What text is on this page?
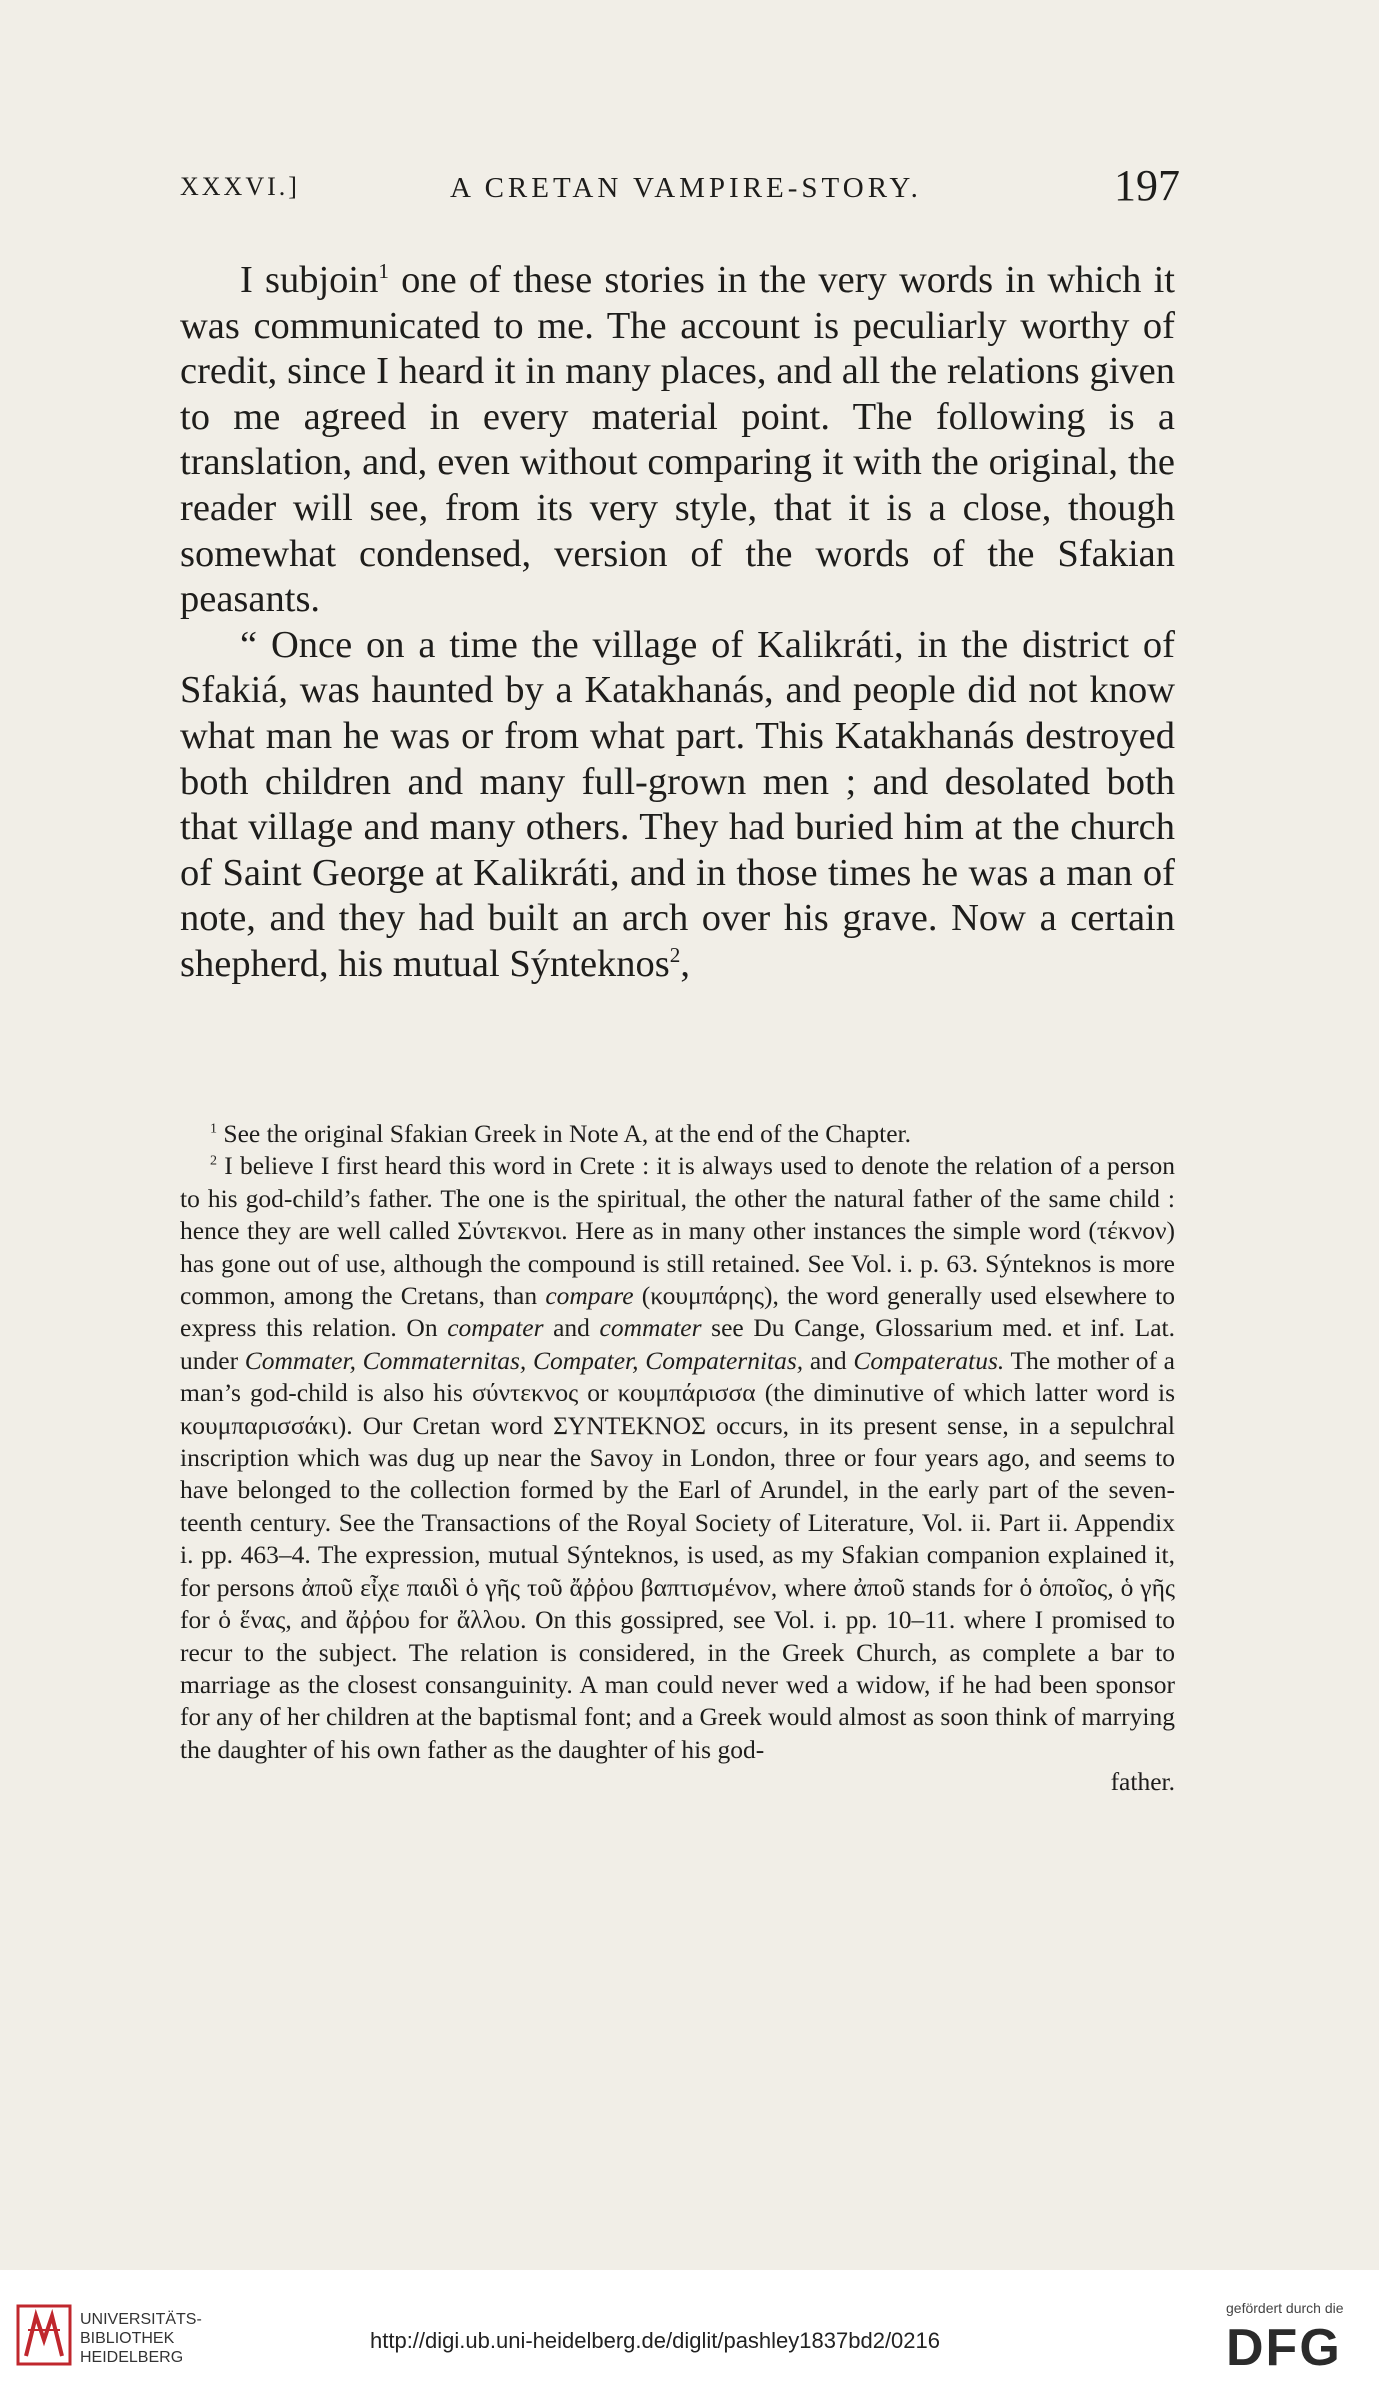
XXXVI.]	A CRETAN VAMPIRE-STORY.	197

I subjoin$^1$ one of these stories in the very words in which it was communicated to me. The account is peculiarly worthy of credit, since I heard it in many places, and all the relations given to me agreed in every material point. The following is a translation, and, even without comparing it with the original, the reader will see, from its very style, that it is a close, though somewhat condensed, version of the words of the Sfakian peasants.

“ Once on a time the village of Kalikráti, in the district of Sfakiá, was haunted by a Katakhanás, and people did not know what man he was or from what part. This Katakhanás destroyed both children and many full-grown men ; and desolated both that village and many others. They had buried him at the church of Saint George at Kalikráti, and in those times he was a man of note, and they had built an arch over his grave. Now a certain shepherd, his mutual Sýnteknos$^2$,

$^1$ See the original Sfakian Greek in Note A, at the end of the Chapter.

$^2$ I believe I first heard this word in Crete : it is always used to denote the relation of a person to his god-child’s father. The one is the spiritual, the other the natural father of the same child : hence they are well called Σύντεκνοι. Here as in many other instances the simple word (τέκνον) has gone out of use, although the compound is still retained. See Vol. i. p. 63. Sýnteknos is more common, among the Cretans, than compare (κουμπάρης), the word generally used elsewhere to express this relation. On compater and commater see Du Cange, Glossarium med. et inf. Lat. under Commater, Commaternitas, Compater, Compaternitas, and Compateratus. The mother of a man’s god-child is also his σύντεκνος or κουμπάρισσα (the diminutive of which latter word is κουμπαρισσάκι). Our Cretan word ΣΥΝΤΕΚΝΟΣ occurs, in its present sense, in a sepulchral inscription which was dug up near the Savoy in London, three or four years ago, and seems to have belonged to the collection formed by the Earl of Arundel, in the early part of the seventeenth century. See the Transactions of the Royal Society of Literature, Vol. ii. Part ii. Appendix i. pp. 463–4. The expression, mutual Sýnteknos, is used, as my Sfakian companion explained it, for persons ἀποῦ εἶχε παιδὶ ὁ γῆς τοῦ ἄῤῥου βαπτισμένον, where ἀποῦ stands for ὁ ὁποῖος, ὁ γῆς for ὁ ἕνας, and ἄῤῥου for ἄλλου. On this gossipred, see Vol. i. pp. 10–11. where I promised to recur to the subject. The relation is considered, in the Greek Church, as complete a bar to marriage as the closest consanguinity. A man could never wed a widow, if he had been sponsor for any of her children at the baptismal font; and a Greek would almost as soon think of marrying the daughter of his own father as the daughter of his god-

father.

UNIVERSITÄTS-
BIBLIOTHEK
HEIDELBERG
http://digi.ub.uni-heidelberg.de/diglit/pashley1837bd2/0216
gefördert durch die
DFG
